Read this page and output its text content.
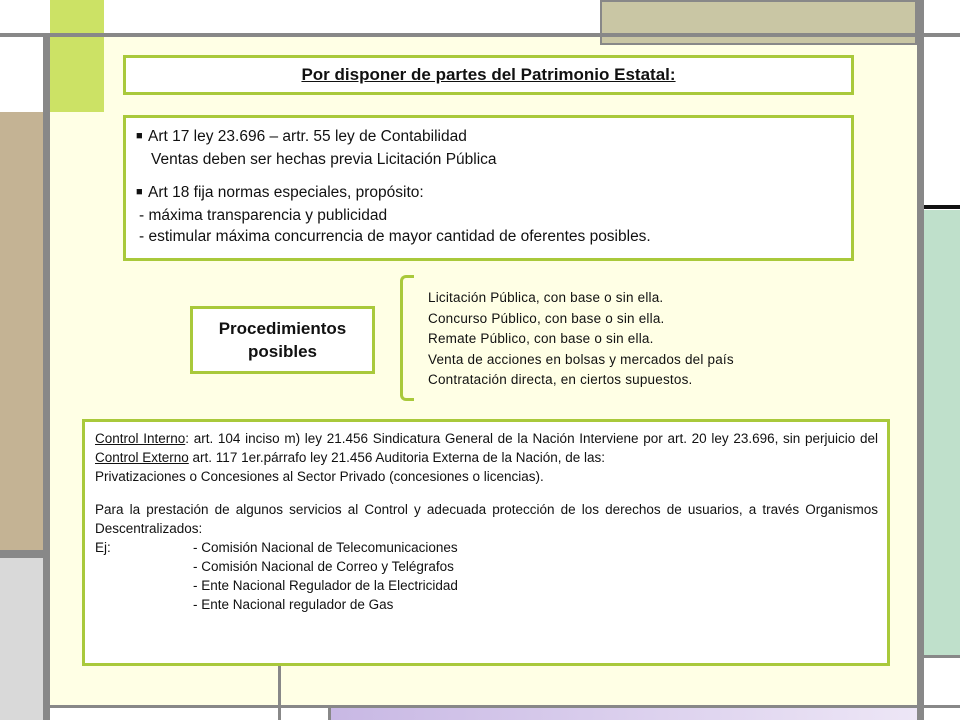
Por disponer de partes del Patrimonio Estatal:
■ Art 17 ley 23.696 – artr. 55 ley de Contabilidad
Ventas deben ser hechas previa Licitación Pública
■ Art 18 fija normas especiales, propósito:
- máxima transparencia y publicidad
- estimular máxima concurrencia de mayor cantidad de oferentes posibles.
Procedimientos
posibles
Licitación Pública, con base o sin ella.
Concurso Público, con base o sin ella.
Remate Público, con base o sin ella.
Venta de acciones en bolsas y mercados del país
Contratación directa, en ciertos supuestos.
Control Interno: art. 104 inciso m) ley 21.456 Sindicatura General de la Nación Interviene por art. 20 ley 23.696, sin perjuicio del Control Externo art. 117 1er.párrafo ley 21.456 Auditoria Externa de la Nación, de las:
Privatizaciones o Concesiones al Sector Privado (concesiones o licencias).
Para la prestación de algunos servicios al Control y adecuada protección de los derechos de usuarios, a través Organismos Descentralizados:
Ej:	- Comisión Nacional de Telecomunicaciones
- Comisión Nacional de Correo y Telégrafos
- Ente Nacional Regulador de la Electricidad
- Ente Nacional regulador de Gas
